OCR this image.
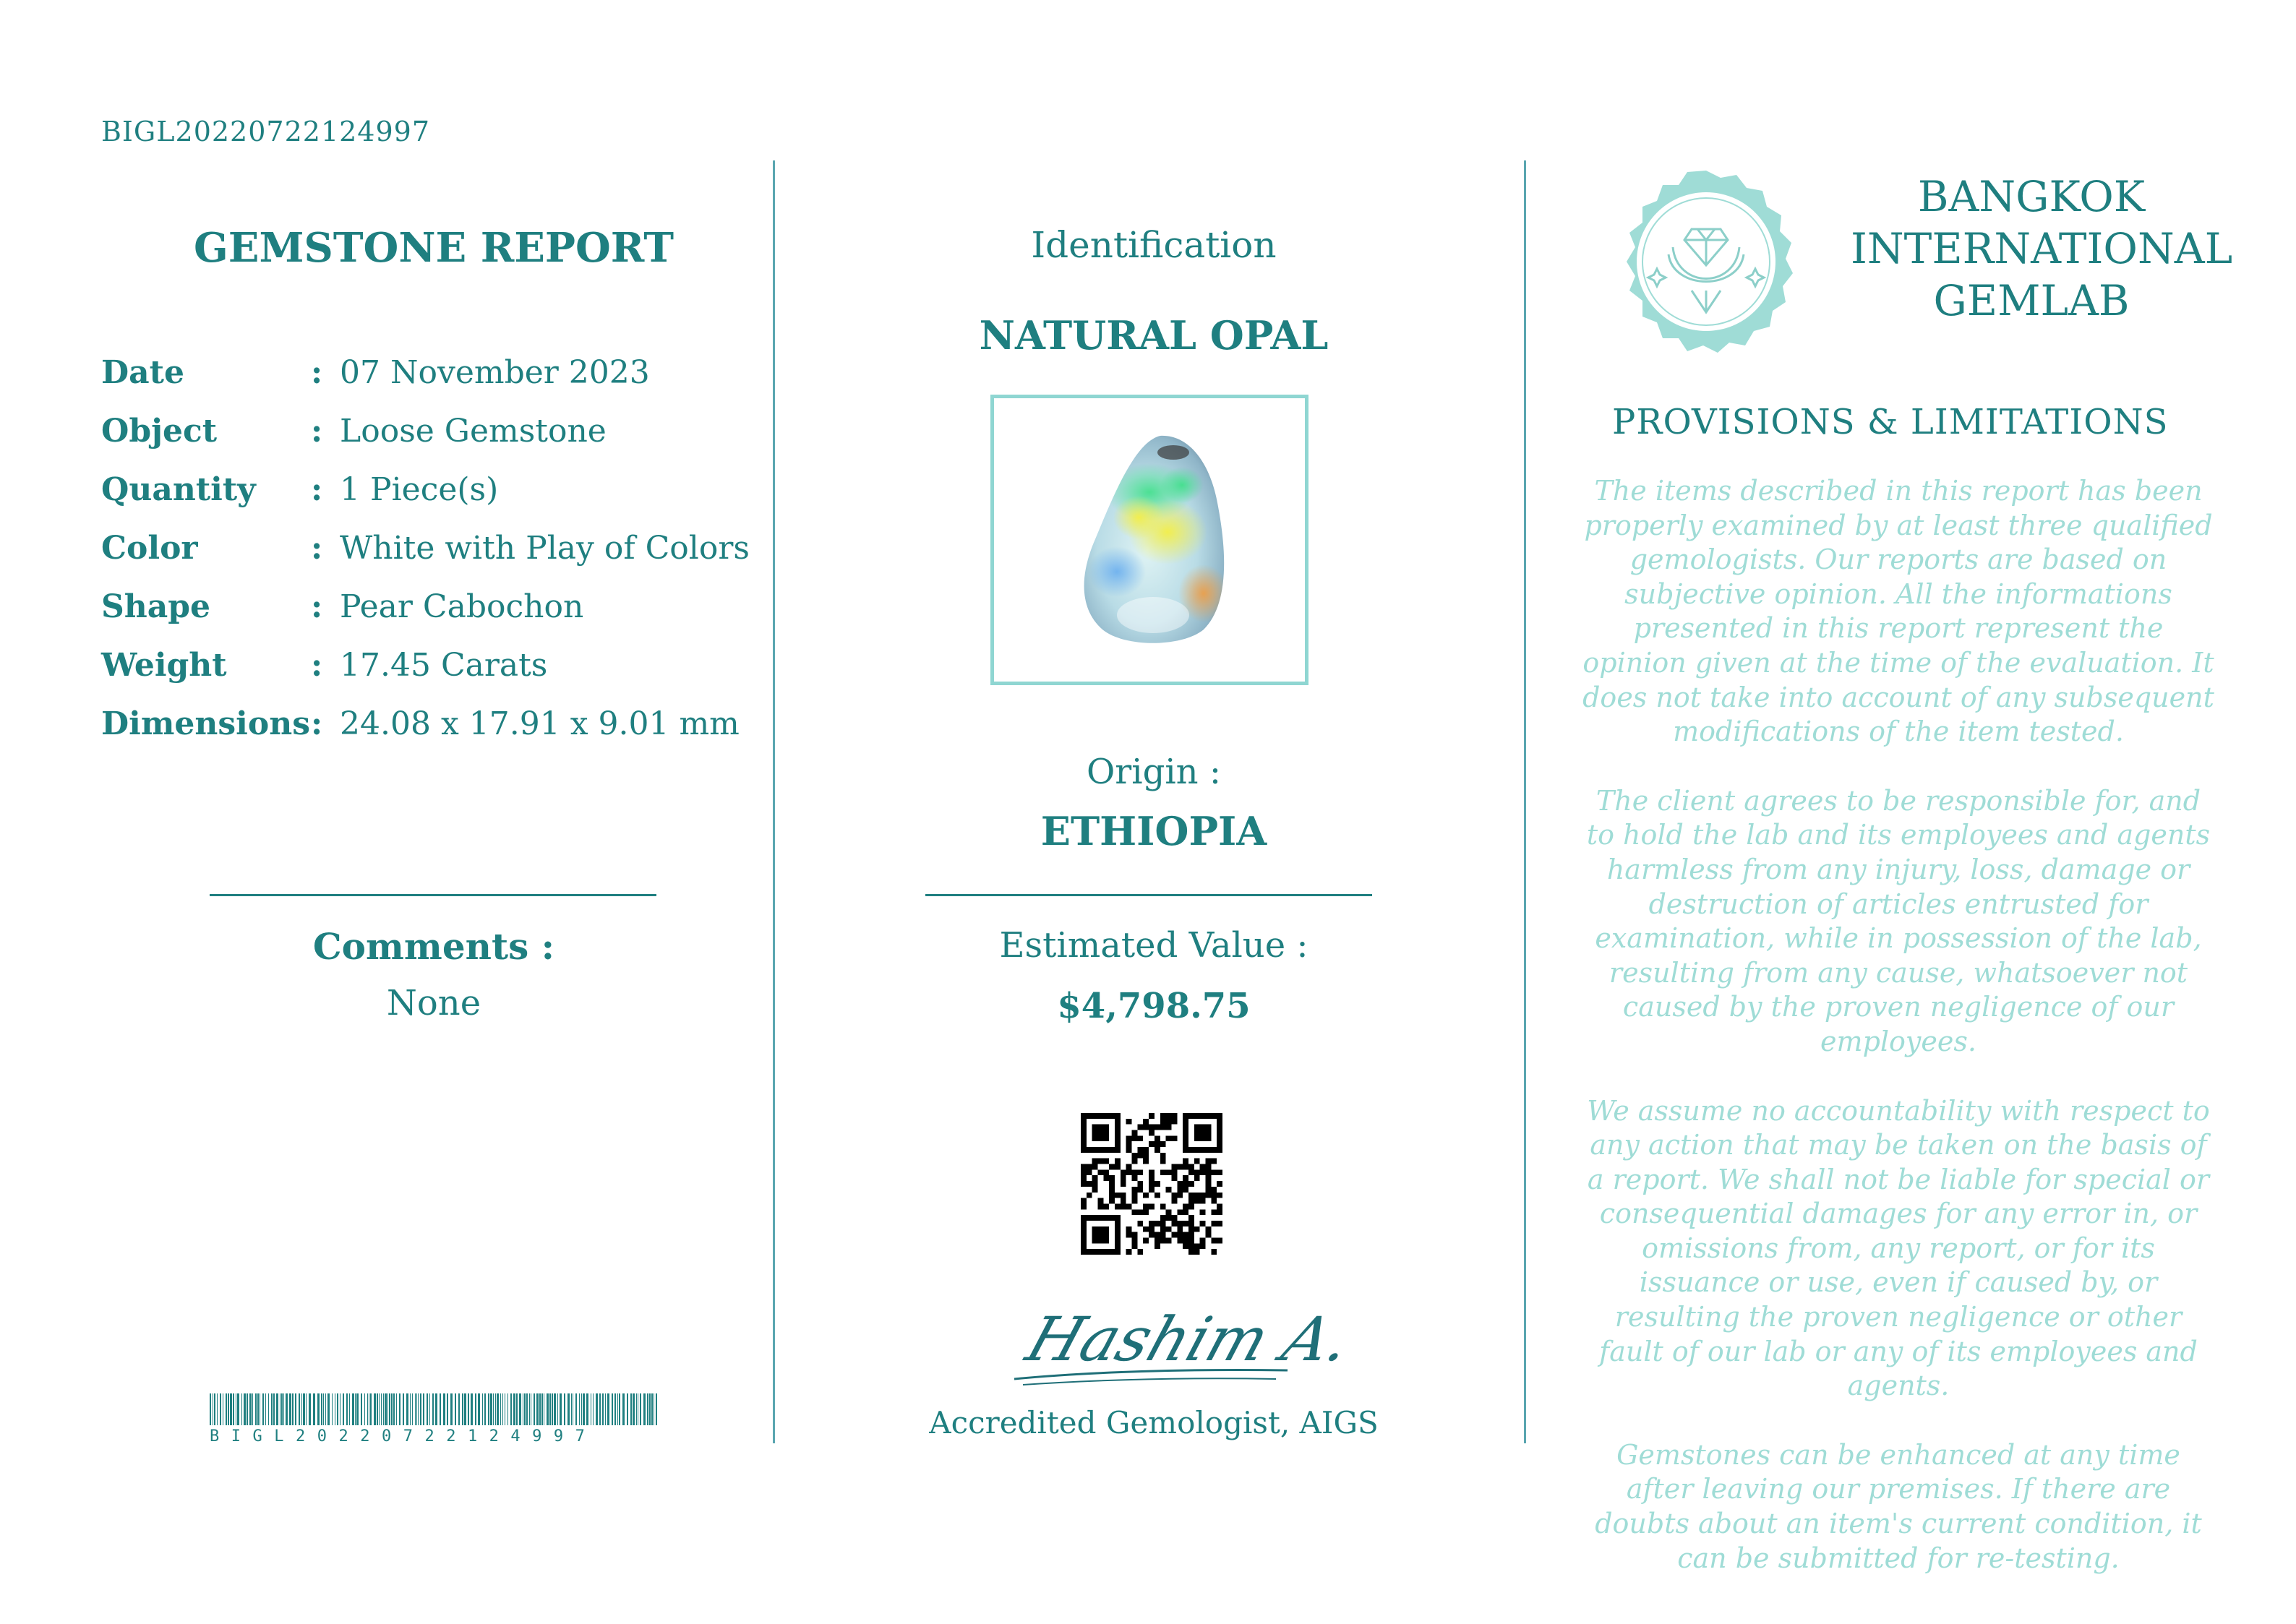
BIGL20220722124997
GEMSTONE REPORT
Date	: 07 November 2023
Object	: Loose Gemstone
Quantity	: 1 Piece(s)
Color	: White with Play of Colors
Shape	: Pear Cabochon
Weight	: 17.45 Carats
Dimensions : 24.08 x 17.91 x 9.01 mm
Comments :
None
BIGL20220722124997
Identification
NATURAL OPAL
Origin :
ETHIOPIA
Estimated Value :
$4,798.75
Hashim A.
Accredited Gemologist, AIGS
BANGKOK
INTERNATIONAL
GEMLAB
PROVISIONS & LIMITATIONS

The items described in this report has been properly examined by at least three qualified gemologists. Our reports are based on subjective opinion. All the informations presented in this report represent the opinion given at the time of the evaluation. It does not take into account of any subsequent modifications of the item tested.

The client agrees to be responsible for, and to hold the lab and its employees and agents harmless from any injury, loss, damage or destruction of articles entrusted for examination, while in possession of the lab, resulting from any cause, whatsoever not caused by the proven negligence of our employees.

We assume no accountability with respect to any action that may be taken on the basis of a report. We shall not be liable for special or consequential damages for any error in, or omissions from, any report, or for its issuance or use, even if caused by, or resulting the proven negligence or other fault of our lab or any of its employees and agents.

Gemstones can be enhanced at any time after leaving our premises. If there are doubts about an item's current condition, it can be submitted for re-testing.
